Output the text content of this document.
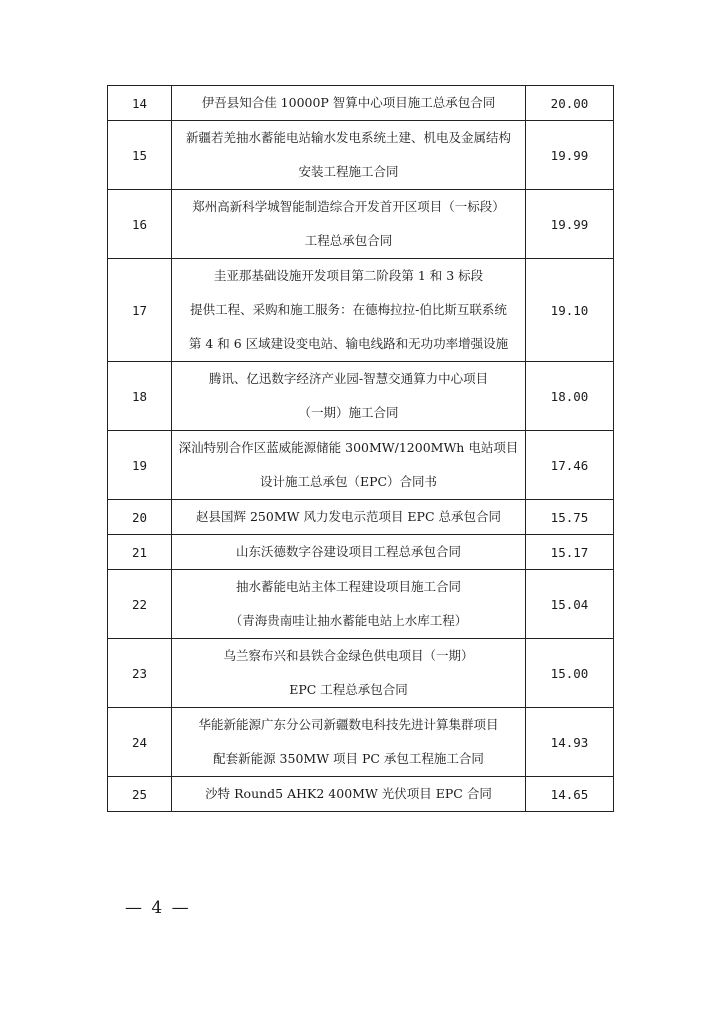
14	伊吾县知合佳 10000P 智算中心项目施工总承包合同	20.00
15	新疆若羌抽水蓄能电站输水发电系统土建、机电及金属结构
安装工程施工合同	19.99
16	郑州高新科学城智能制造综合开发首开区项目（一标段）
工程总承包合同	19.99
17	圭亚那基础设施开发项目第二阶段第 1 和 3 标段
提供工程、采购和施工服务：在德梅拉拉-伯比斯互联系统
第 4 和 6 区域建设变电站、输电线路和无功功率增强设施	19.10
18	腾讯、亿迅数字经济产业园-智慧交通算力中心项目
（一期）施工合同	18.00
19	深汕特别合作区蓝威能源储能 300MW/1200MWh 电站项目
设计施工总承包（EPC）合同书	17.46
20	赵县国辉 250MW 风力发电示范项目 EPC 总承包合同	15.75
21	山东沃德数字谷建设项目工程总承包合同	15.17
22	抽水蓄能电站主体工程建设项目施工合同
（青海贵南哇让抽水蓄能电站上水库工程）	15.04
23	乌兰察布兴和县铁合金绿色供电项目（一期）
EPC 工程总承包合同	15.00
24	华能新能源广东分公司新疆数电科技先进计算集群项目
配套新能源 350MW 项目 PC 承包工程施工合同	14.93
25	沙特 Round5 AHK2 400MW 光伏项目 EPC 合同	14.65
— 4 —
